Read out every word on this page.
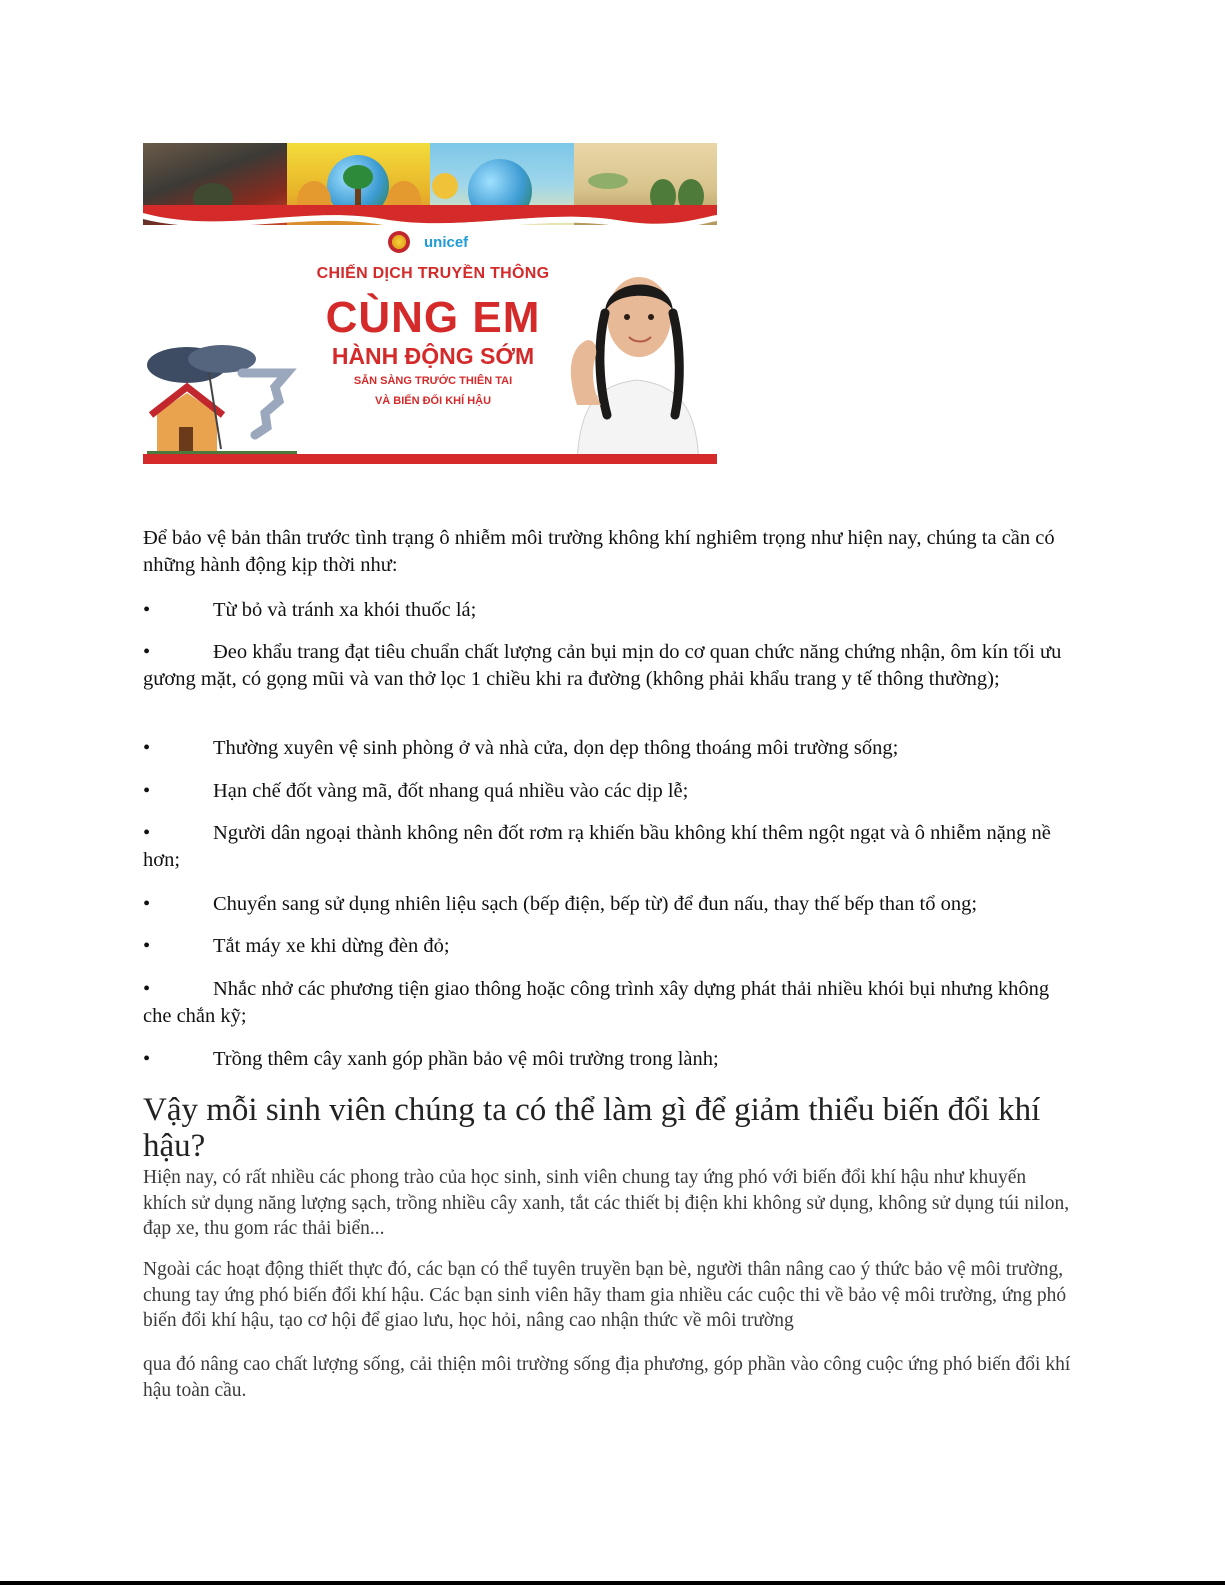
unicef
CHIẾN DỊCH TRUYỀN THÔNG
CÙNG EM
HÀNH ĐỘNG SỚM
SẴN SÀNG TRƯỚC THIÊN TAI
VÀ BIẾN ĐỔI KHÍ HẬU

Để bảo vệ bản thân trước tình trạng ô nhiễm môi trường không khí nghiêm trọng như hiện nay, chúng ta cần có những hành động kịp thời như:

•	Từ bỏ và tránh xa khói thuốc lá;
•	Đeo khẩu trang đạt tiêu chuẩn chất lượng cản bụi mịn do cơ quan chức năng chứng nhận, ôm kín tối ưu gương mặt, có gọng mũi và van thở lọc 1 chiều khi ra đường (không phải khẩu trang y tế thông thường);
•	Thường xuyên vệ sinh phòng ở và nhà cửa, dọn dẹp thông thoáng môi trường sống;
•	Hạn chế đốt vàng mã, đốt nhang quá nhiều vào các dịp lễ;
•	Người dân ngoại thành không nên đốt rơm rạ khiến bầu không khí thêm ngột ngạt và ô nhiễm nặng nề hơn;
•	Chuyển sang sử dụng nhiên liệu sạch (bếp điện, bếp từ) để đun nấu, thay thế bếp than tổ ong;
•	Tắt máy xe khi dừng đèn đỏ;
•	Nhắc nhở các phương tiện giao thông hoặc công trình xây dựng phát thải nhiều khói bụi nhưng không che chắn kỹ;
•	Trồng thêm cây xanh góp phần bảo vệ môi trường trong lành;
Vậy mỗi sinh viên chúng ta có thể làm gì để giảm thiểu biến đổi khí hậu?

Hiện nay, có rất nhiều các phong trào của học sinh, sinh viên chung tay ứng phó với biến đổi khí hậu như khuyến khích sử dụng năng lượng sạch, trồng nhiều cây xanh, tắt các thiết bị điện khi không sử dụng, không sử dụng túi nilon, đạp xe, thu gom rác thải biển...

Ngoài các hoạt động thiết thực đó, các bạn có thể tuyên truyền bạn bè, người thân nâng cao ý thức bảo vệ môi trường, chung tay ứng phó biến đổi khí hậu. Các bạn sinh viên hãy tham gia nhiều các cuộc thi về bảo vệ môi trường, ứng phó biến đổi khí hậu, tạo cơ hội để giao lưu, học hỏi, nâng cao nhận thức về môi trường

qua đó nâng cao chất lượng sống, cải thiện môi trường sống địa phương, góp phần vào công cuộc ứng phó biến đổi khí hậu toàn cầu.
